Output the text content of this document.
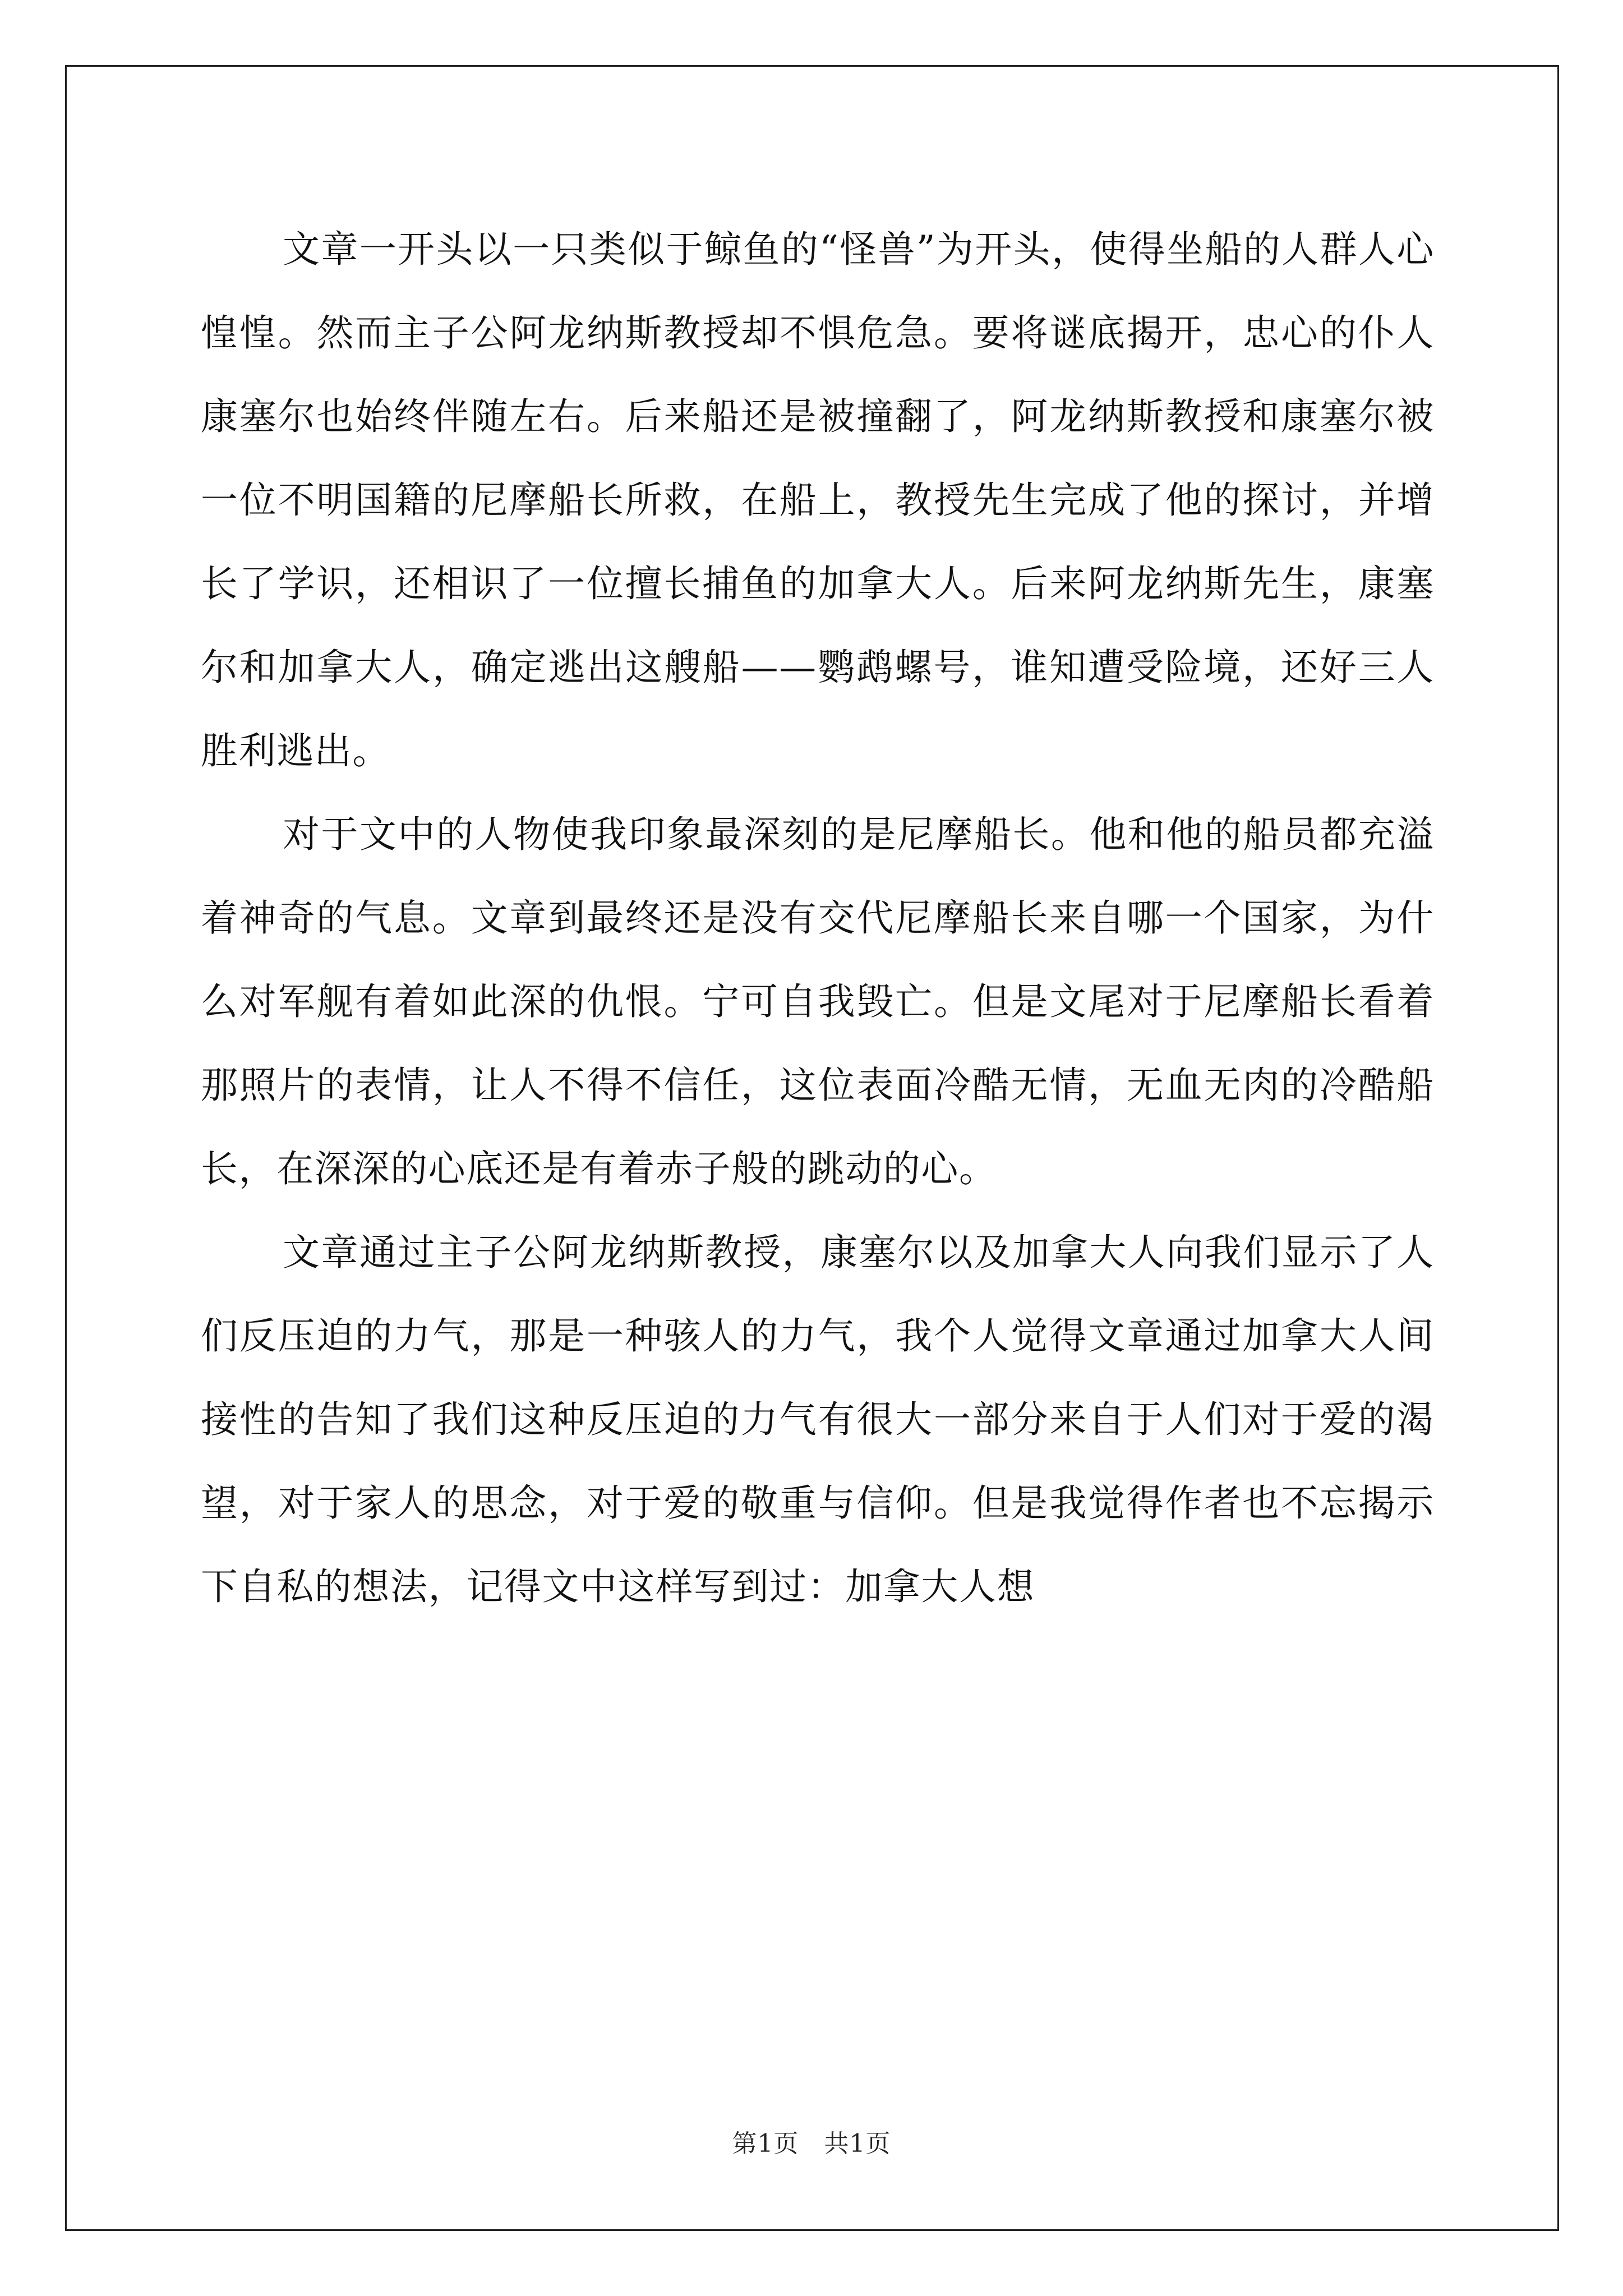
文章一开头以一只类似于鲸鱼的“怪兽”为开头，使得坐船的人群人心惶惶。然而主子公阿龙纳斯教授却不惧危急。要将谜底揭开，忠心的仆人康塞尔也始终伴随左右。后来船还是被撞翻了，阿龙纳斯教授和康塞尔被一位不明国籍的尼摩船长所救，在船上，教授先生完成了他的探讨，并增长了学识，还相识了一位擅长捕鱼的加拿大人。后来阿龙纳斯先生，康塞尔和加拿大人，确定逃出这艘船——鹦鹉螺号，谁知遭受险境，还好三人胜利逃出。

对于文中的人物使我印象最深刻的是尼摩船长。他和他的船员都充溢着神奇的气息。文章到最终还是没有交代尼摩船长来自哪一个国家，为什么对军舰有着如此深的仇恨。宁可自我毁亡。但是文尾对于尼摩船长看着那照片的表情，让人不得不信任，这位表面冷酷无情，无血无肉的冷酷船长，在深深的心底还是有着赤子般的跳动的心。

文章通过主子公阿龙纳斯教授，康塞尔以及加拿大人向我们显示了人们反压迫的力气，那是一种骇人的力气，我个人觉得文章通过加拿大人间接性的告知了我们这种反压迫的力气有很大一部分来自于人们对于爱的渴望，对于家人的思念，对于爱的敬重与信仰。但是我觉得作者也不忘揭示下自私的想法，记得文中这样写到过：加拿大人想

第1页 共1页
